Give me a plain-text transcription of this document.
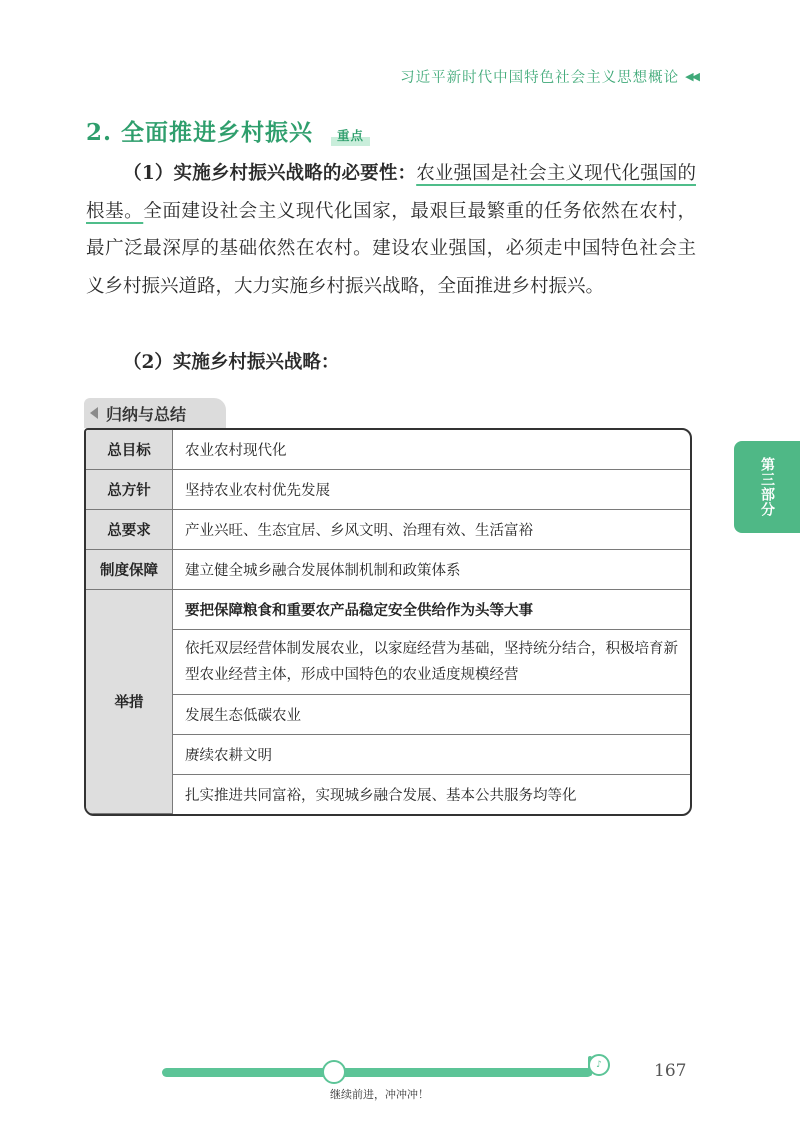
习近平新时代中国特色社会主义思想概论 ◀◀
2. 全面推进乡村振兴	重点

（1）实施乡村振兴战略的必要性：农业强国是社会主义现代化强国的根基。全面建设社会主义现代化国家，最艰巨最繁重的任务依然在农村，最广泛最深厚的基础依然在农村。建设农业强国，必须走中国特色社会主义乡村振兴道路，大力实施乡村振兴战略，全面推进乡村振兴。

（2）实施乡村振兴战略：

归纳与总结
总目标	农业农村现代化
总方针	坚持农业农村优先发展
总要求	产业兴旺、生态宜居、乡风文明、治理有效、生活富裕
制度保障	建立健全城乡融合发展体制机制和政策体系
举措	要把保障粮食和重要农产品稳定安全供给作为头等大事
	依托双层经营体制发展农业，以家庭经营为基础，坚持统分结合，积极培育新型农业经营主体，形成中国特色的农业适度规模经营
	发展生态低碳农业
	赓续农耕文明
	扎实推进共同富裕，实现城乡融合发展、基本公共服务均等化
第三部分
♪
继续前进，冲冲冲！
167
